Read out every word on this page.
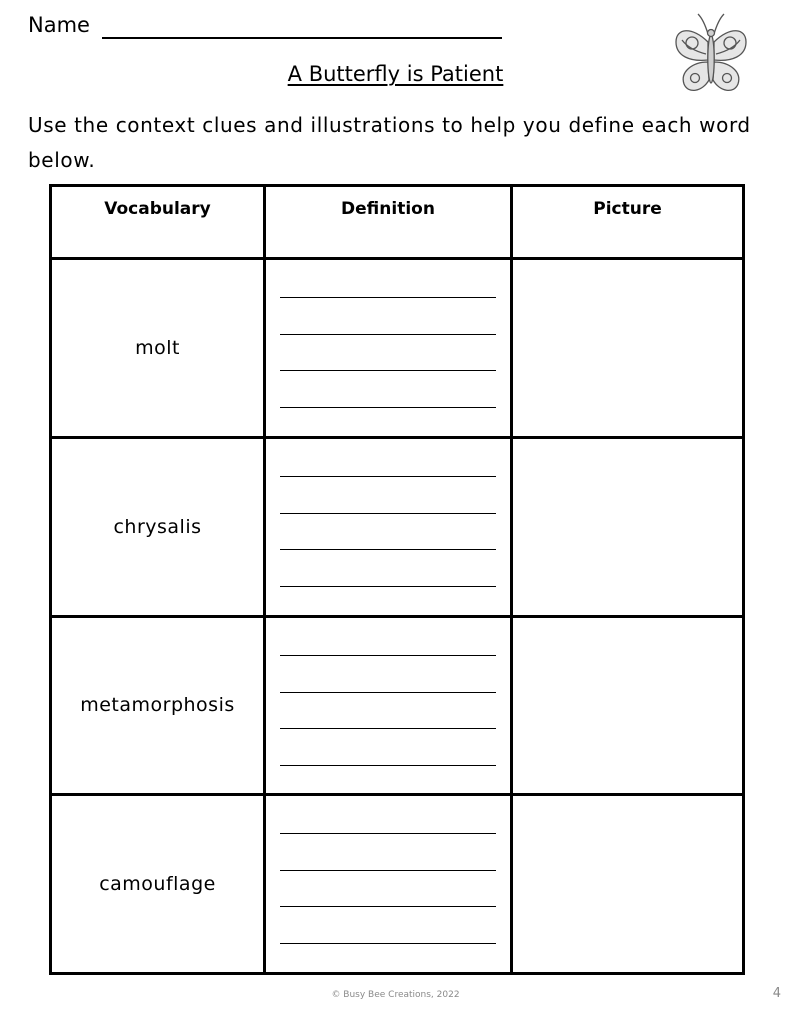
Name
A Butterfly is Patient
Use the context clues and illustrations to help you define each word below.
Vocabulary	Definition	Picture
molt	

chrysalis	

metamorphosis	

camouflage	

© Busy Bee Creations, 2022	4
